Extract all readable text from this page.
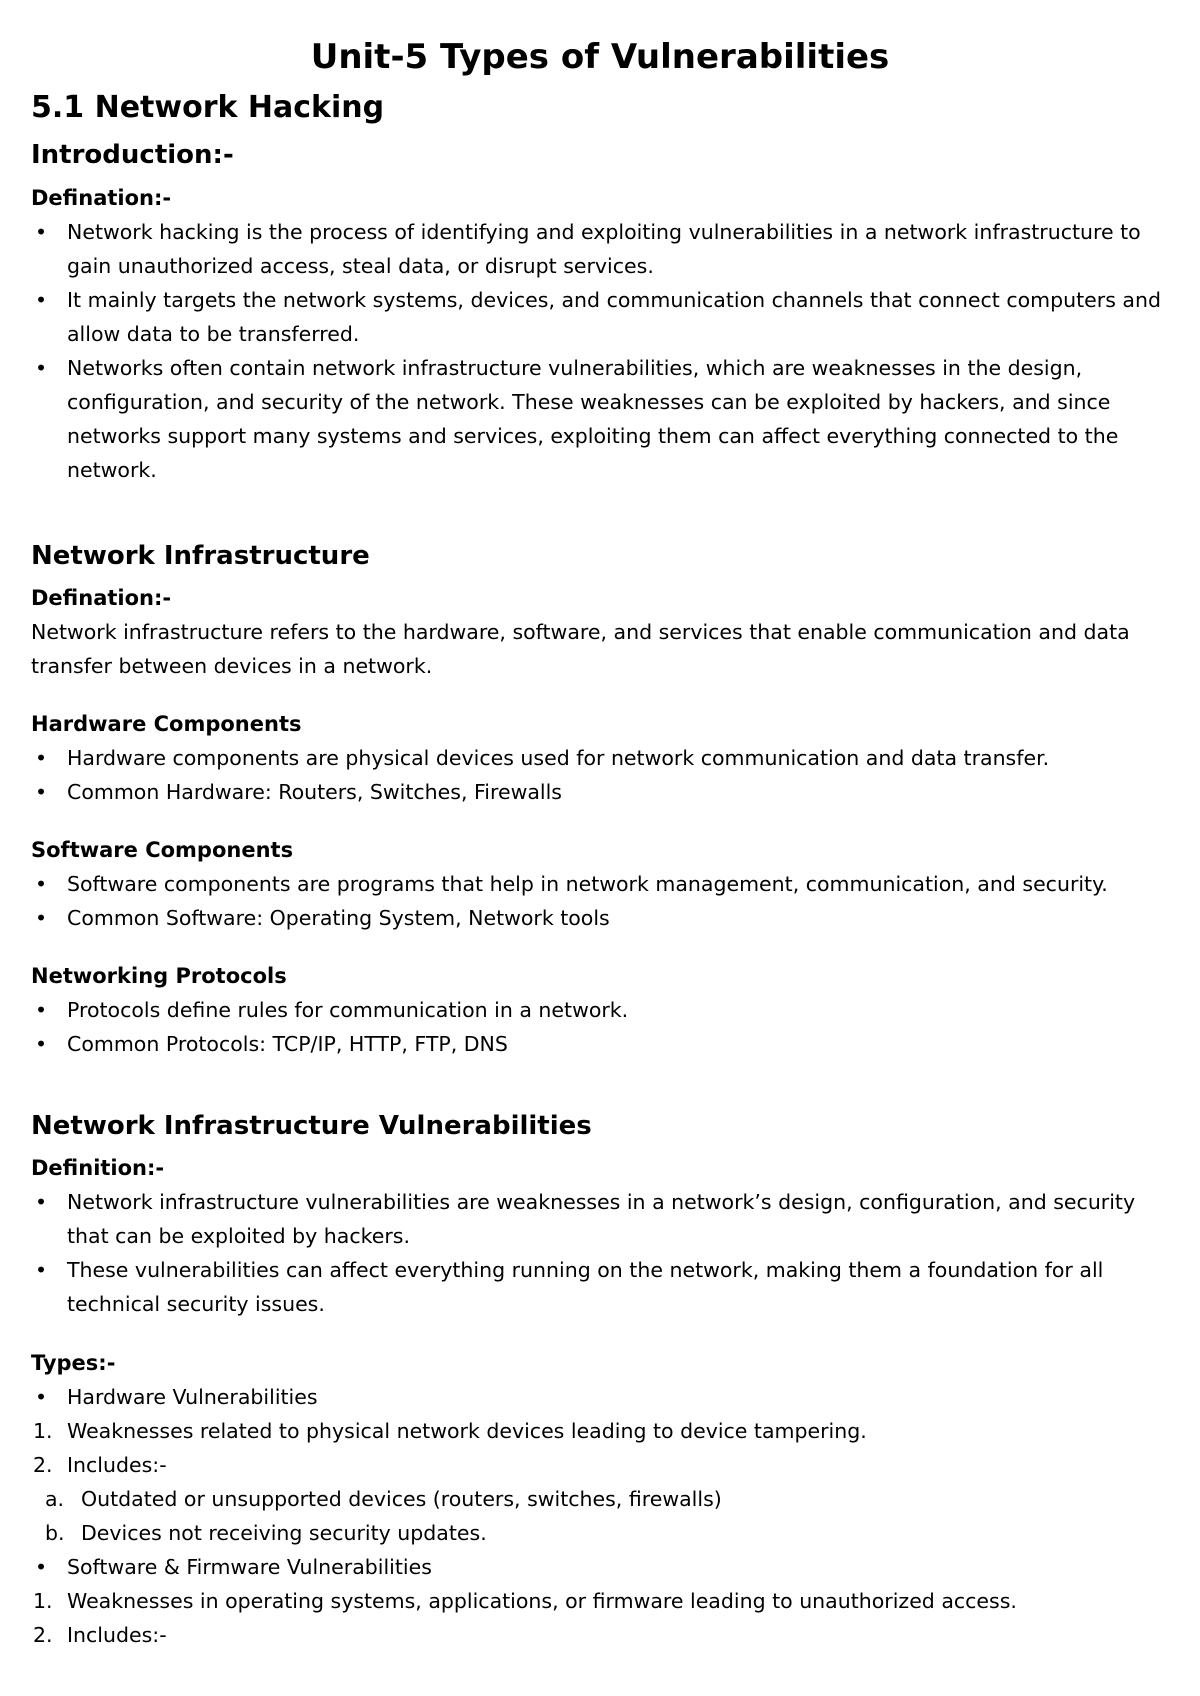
Unit-5 Types of Vulnerabilities
5.1 Network Hacking
Introduction:-
Defination:-
• Network hacking is the process of identifying and exploiting vulnerabilities in a network infrastructure to gain unauthorized access, steal data, or disrupt services.
• It mainly targets the network systems, devices, and communication channels that connect computers and allow data to be transferred.
• Networks often contain network infrastructure vulnerabilities, which are weaknesses in the design, configuration, and security of the network. These weaknesses can be exploited by hackers, and since networks support many systems and services, exploiting them can affect everything connected to the network.
Network Infrastructure
Defination:-

Network infrastructure refers to the hardware, software, and services that enable communication and data transfer between devices in a network.

Hardware Components
• Hardware components are physical devices used for network communication and data transfer.
• Common Hardware: Routers, Switches, Firewalls
Software Components
• Software components are programs that help in network management, communication, and security.
• Common Software: Operating System, Network tools
Networking Protocols
• Protocols define rules for communication in a network.
• Common Protocols: TCP/IP, HTTP, FTP, DNS
Network Infrastructure Vulnerabilities
Definition:-
• Network infrastructure vulnerabilities are weaknesses in a network’s design, configuration, and security that can be exploited by hackers.
• These vulnerabilities can affect everything running on the network, making them a foundation for all technical security issues.
Types:-
• Hardware Vulnerabilities
1. Weaknesses related to physical network devices leading to device tampering.
2. Includes:-
a. Outdated or unsupported devices (routers, switches, firewalls)
b. Devices not receiving security updates.
• Software & Firmware Vulnerabilities
1. Weaknesses in operating systems, applications, or firmware leading to unauthorized access.
2. Includes:-
